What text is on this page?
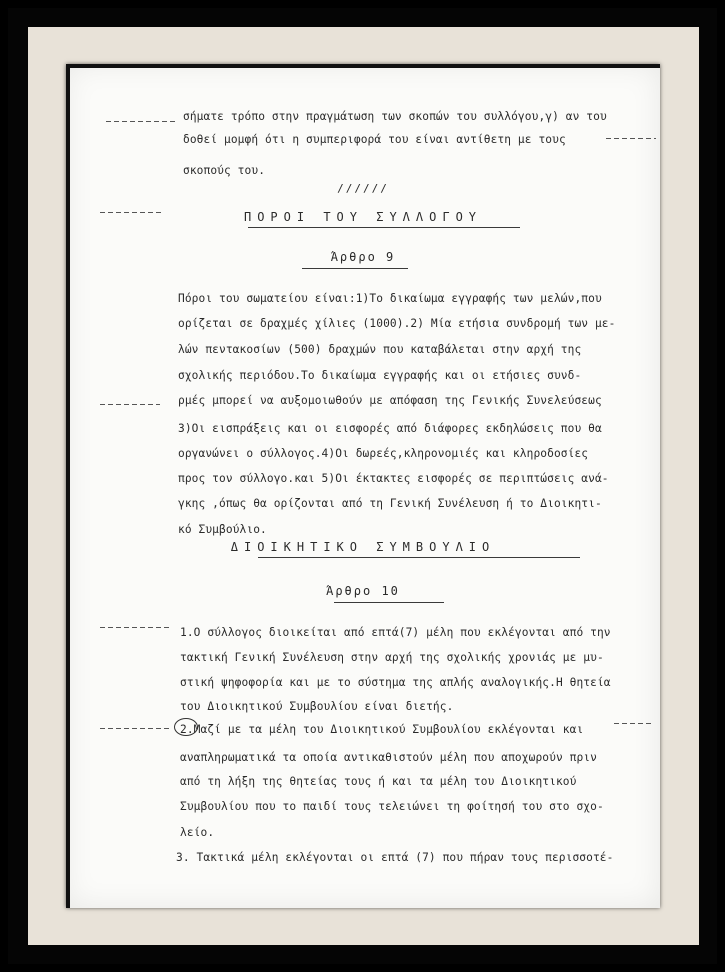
σήματε τρόπο στην πραγμάτωση των σκοπών του συλλόγου,γ) αν του
δοθεί μομφή ότι η συμπεριφορά του είναι αντίθετη με τους
σκοπούς του.
//////
ΠΟΡΟΙ ΤΟΥ ΣΥΛΛΟΓΟΥ
Άρθρο 9
Πόροι του σωματείου είναι:1)Το δικαίωμα εγγραφής των μελών,που
ορίζεται σε δραχμές χίλιες (1000).2) Μία ετήσια συνδρομή των με-
λών πεντακοσίων (500) δραχμών που καταβάλεται στην αρχή της
σχολικής περιόδου.Το δικαίωμα εγγραφής και οι ετήσιες συνδ-
ρμές μπορεί να αυξομοιωθούν με απόφαση της Γενικής Συνελεύσεως
3)Οι εισπράξεις και οι εισφορές από διάφορες εκδηλώσεις που θα
οργανώνει ο σύλλογος.4)Οι δωρεές,κληρονομιές και κληροδοσίες
προς τον σύλλογο.και 5)Οι έκτακτες εισφορές σε περιπτώσεις ανά-
γκης ,όπως θα ορίζονται από τη Γενική Συνέλευση ή το Διοικητι-
κό Συμβούλιο.
ΔΙΟΙΚΗΤΙΚΟ ΣΥΜΒΟΥΛΙΟ
Άρθρο 10
1.Ο σύλλογος διοικείται από επτά(7) μέλη που εκλέγονται από την
τακτική Γενική Συνέλευση στην αρχή της σχολικής χρονιάς με μυ-
στική ψηφοφορία και με το σύστημα της απλής αναλογικής.Η θητεία
του Διοικητικού Συμβουλίου είναι διετής.
2.Μαζί με τα μέλη του Διοικητικού Συμβουλίου εκλέγονται και
αναπληρωματικά τα οποία αντικαθιστούν μέλη που αποχωρούν πριν
από τη λήξη της θητείας τους ή και τα μέλη του Διοικητικού
Συμβουλίου που το παιδί τους τελειώνει τη φοίτησή του στο σχο-
λείο.
3. Τακτικά μέλη εκλέγονται οι επτά (7) που πήραν τους περισσοτέ-
